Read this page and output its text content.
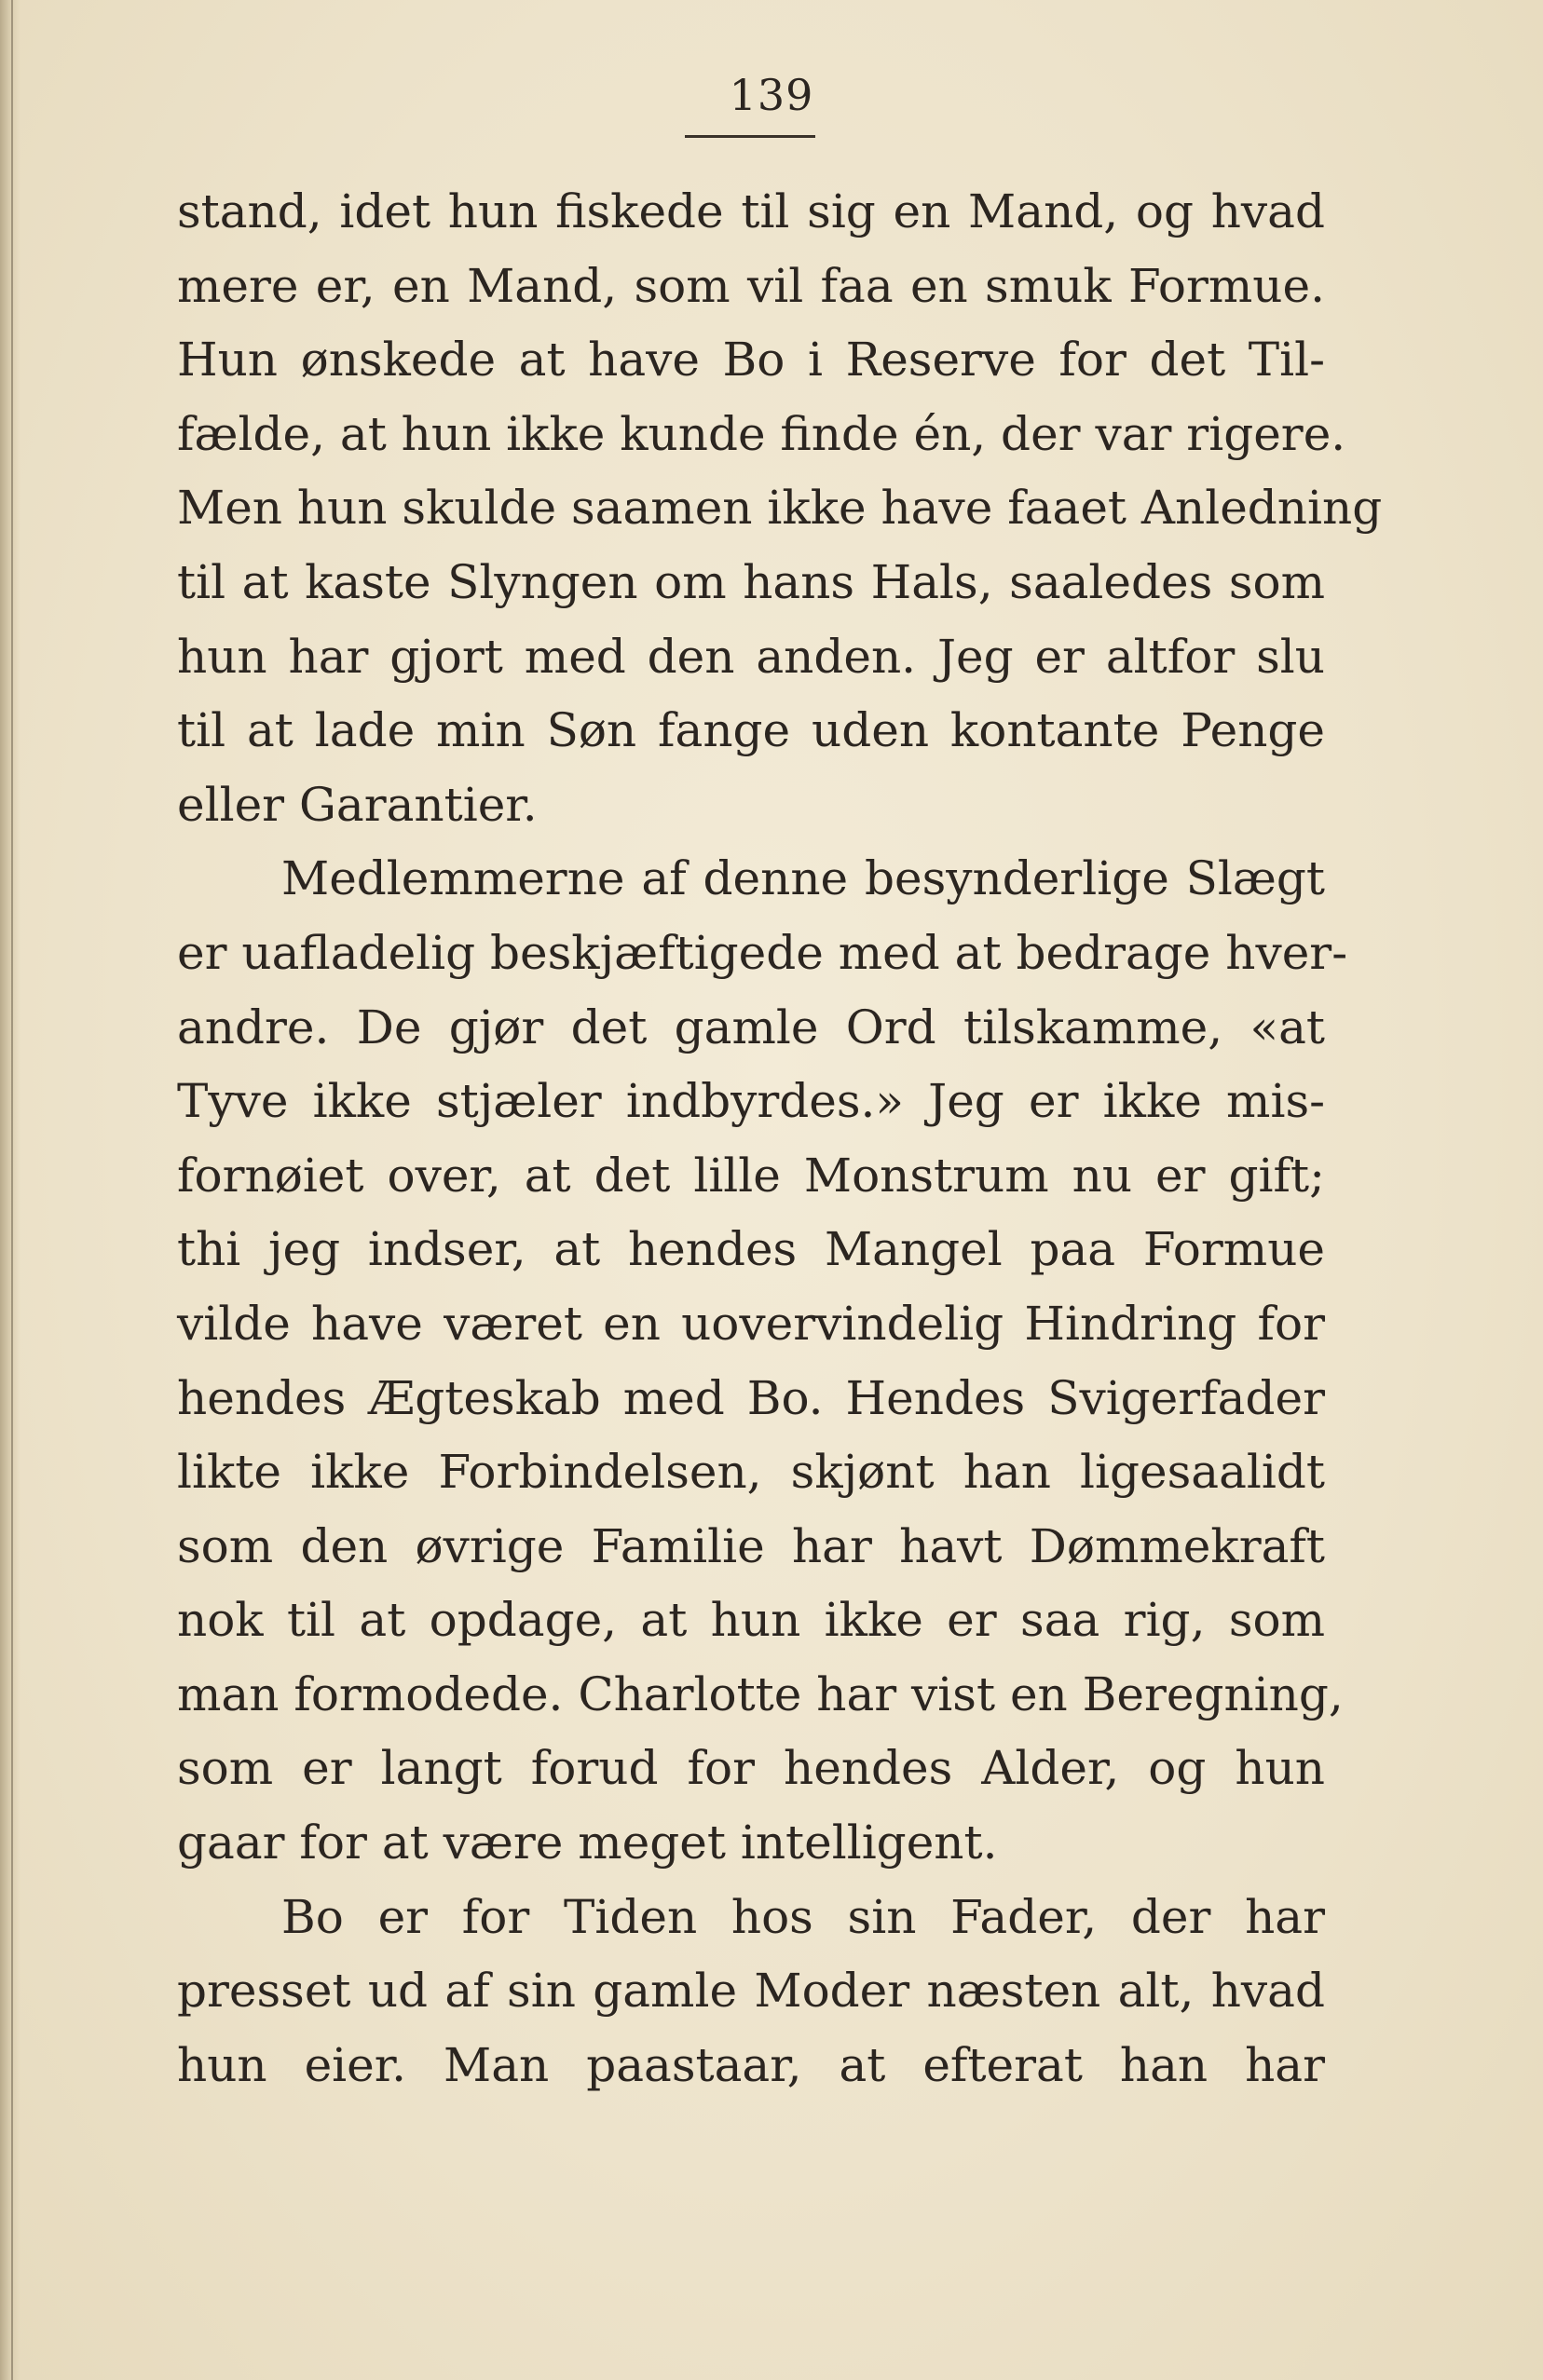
139
stand, idet hun fiskede til sig en Mand, og hvad
mere er, en Mand, som vil faa en smuk Formue.
Hun ønskede at have Bo i Reserve for det Til-
fælde, at hun ikke kunde finde én, der var rigere.
Men hun skulde saamen ikke have faaet Anledning
til at kaste Slyngen om hans Hals, saaledes som
hun har gjort med den anden. Jeg er altfor slu
til at lade min Søn fange uden kontante Penge
eller Garantier.
Medlemmerne af denne besynderlige Slægt
er uafladelig beskjæftigede med at bedrage hver-
andre. De gjør det gamle Ord tilskamme, «at
Tyve ikke stjæler indbyrdes.» Jeg er ikke mis-
fornøiet over, at det lille Monstrum nu er gift;
thi jeg indser, at hendes Mangel paa Formue
vilde have været en uovervindelig Hindring for
hendes Ægteskab med Bo. Hendes Svigerfader
likte ikke Forbindelsen, skjønt han ligesaalidt
som den øvrige Familie har havt Dømmekraft
nok til at opdage, at hun ikke er saa rig, som
man formodede. Charlotte har vist en Beregning,
som er langt forud for hendes Alder, og hun
gaar for at være meget intelligent.
Bo er for Tiden hos sin Fader, der har
presset ud af sin gamle Moder næsten alt, hvad
hun eier. Man paastaar, at efterat han har
